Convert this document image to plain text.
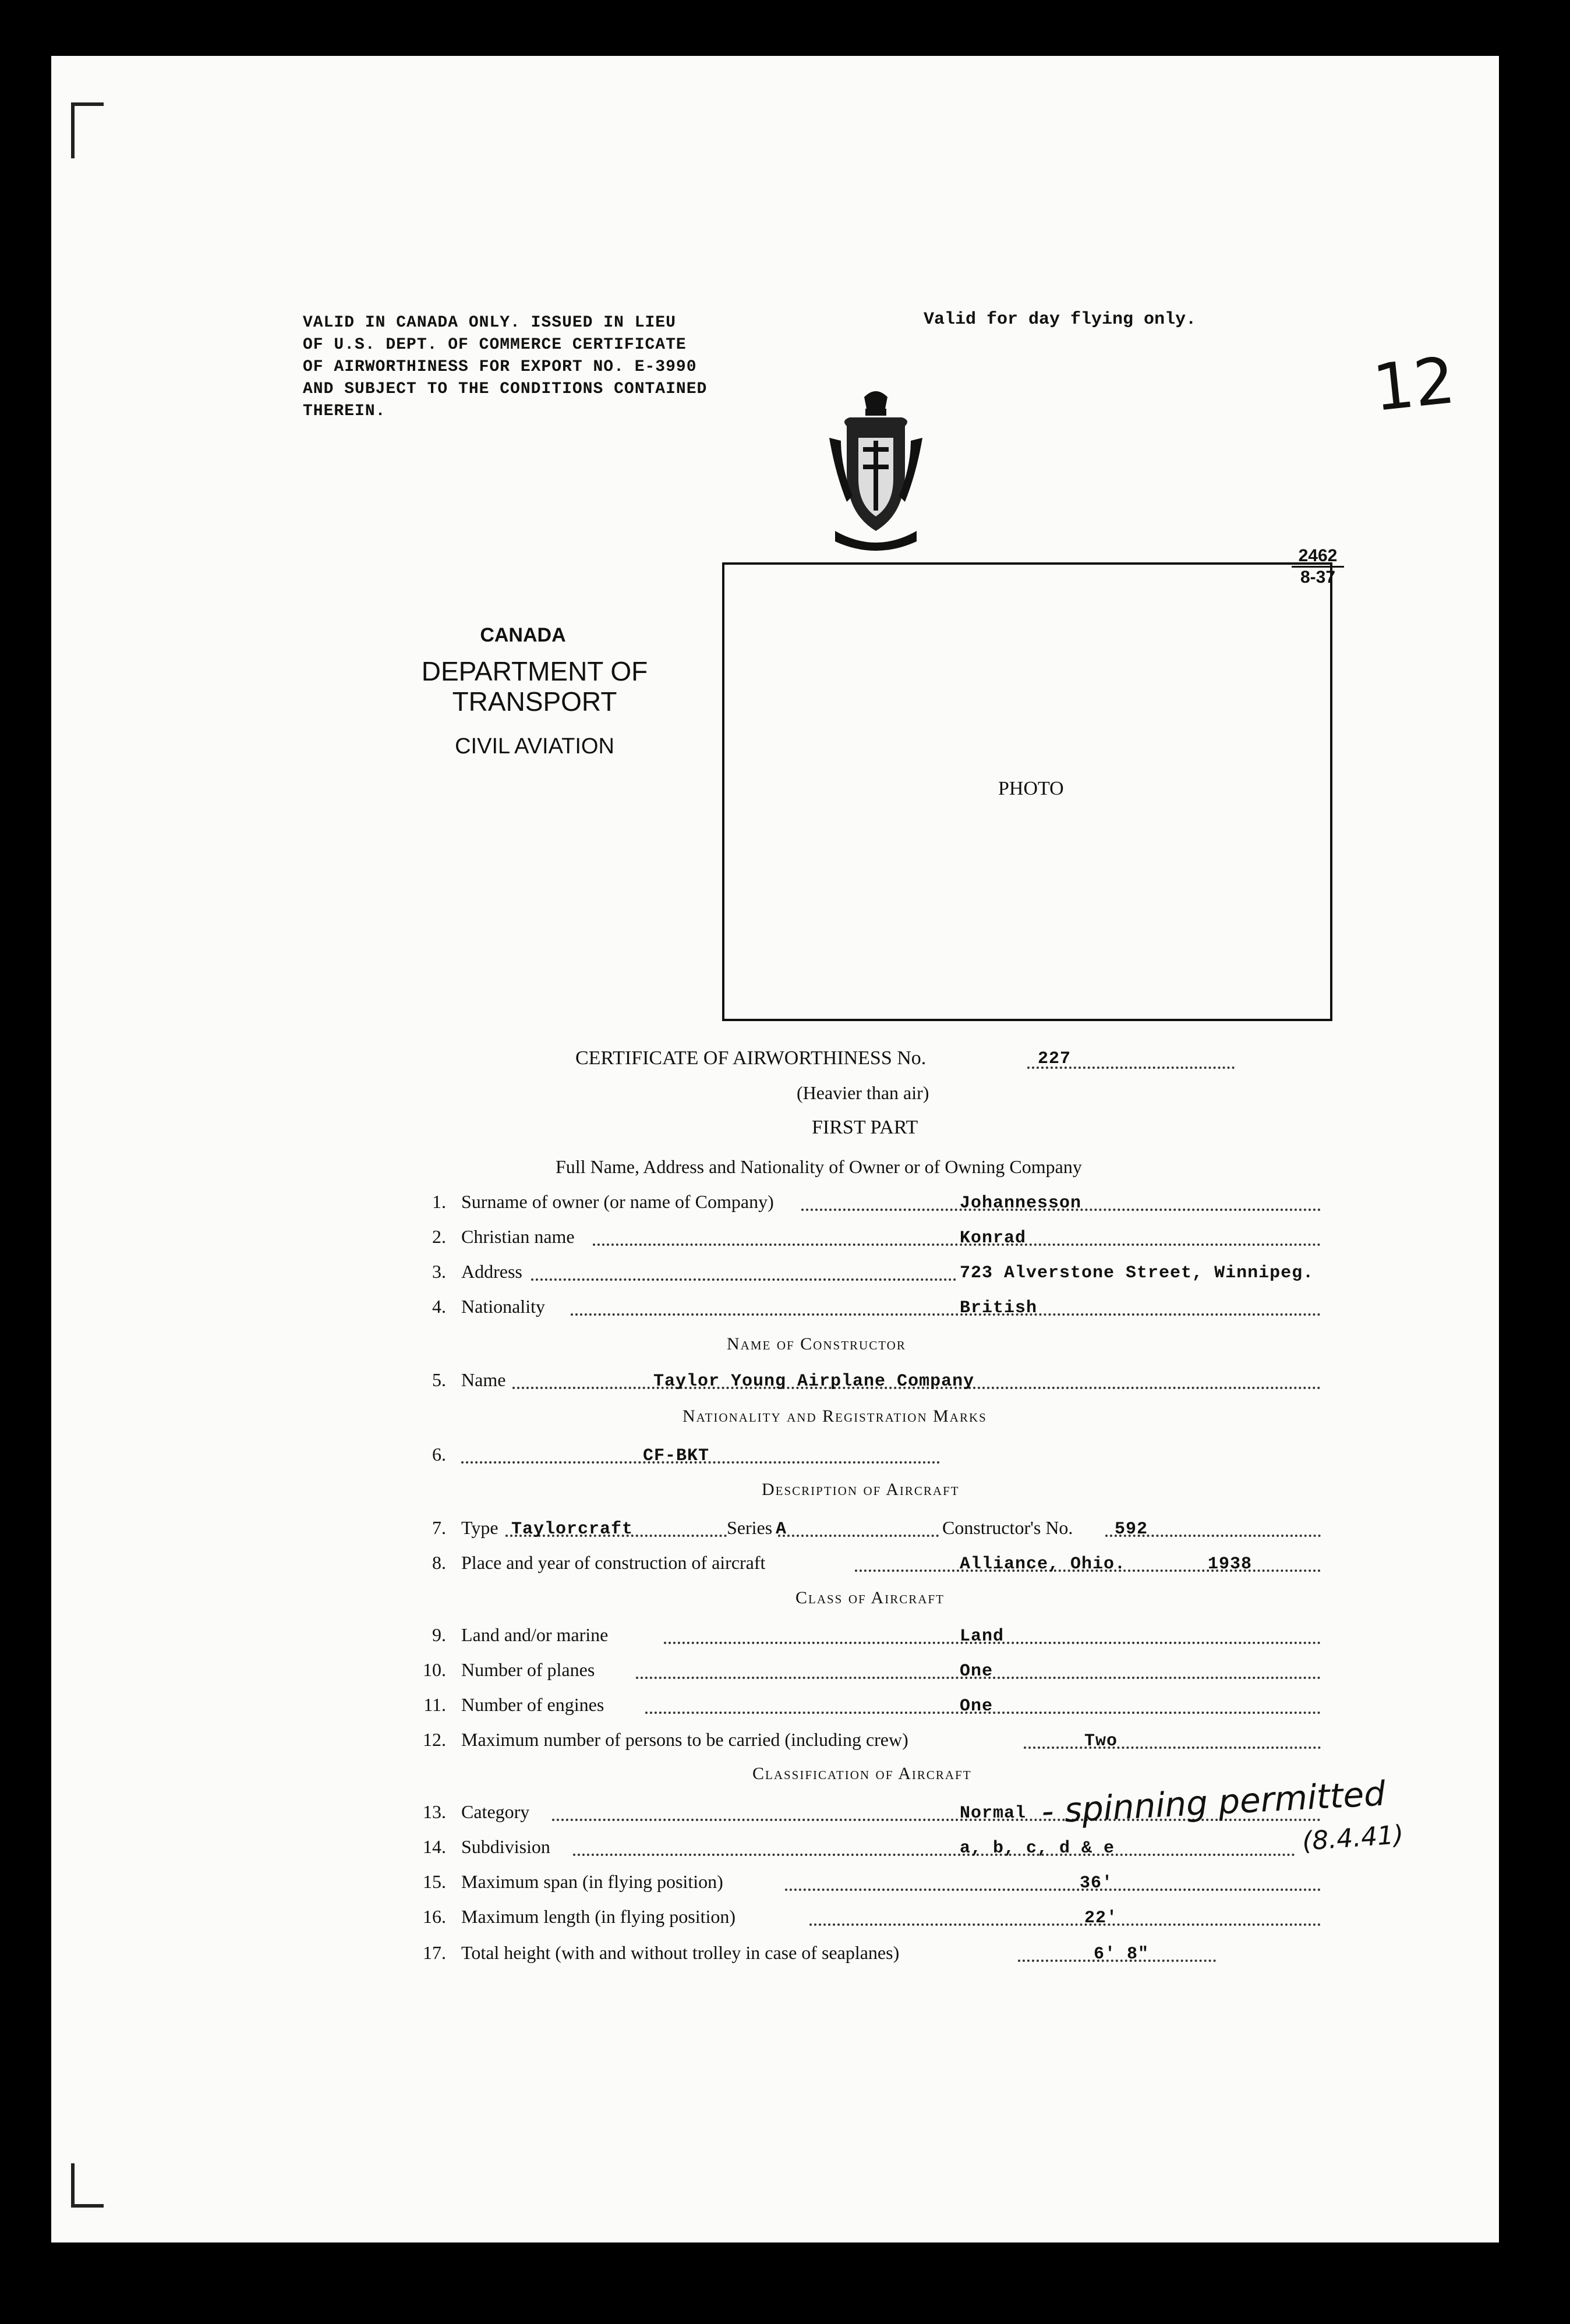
VALID IN CANADA ONLY. ISSUED IN LIEU
OF U.S. DEPT. OF COMMERCE CERTIFICATE
OF AIRWORTHINESS FOR EXPORT NO. E-3990
AND SUBJECT TO THE CONDITIONS CONTAINED
THEREIN.
Valid for day flying only.
12
2462
8-37
CANADA
DEPARTMENT OF
TRANSPORT
CIVIL AVIATION
PHOTO
CERTIFICATE OF AIRWORTHINESS No.	227
(Heavier than air)
FIRST PART
Full Name, Address and Nationality of Owner or of Owning Company
1. Surname of owner (or name of Company)	Johannesson
2. Christian name	Konrad
3. Address	723 Alverstone Street, Winnipeg.
4. Nationality	British
Name of Constructor
5. Name	Taylor Young Airplane Company
Nationality and Registration Marks
6.	CF-BKT
Description of Aircraft
7. Type Taylorcraft	Series A	Constructor's No. 592
8. Place and year of construction of aircraft	Alliance, Ohio.	1938
Class of Aircraft
9. Land and/or marine	Land
10. Number of planes	One
11. Number of engines	One
12. Maximum number of persons to be carried (including crew)	Two
Classification of Aircraft
13. Category	Normal - spinning permitted
(8.4.41)
14. Subdivision	a, b, c, d & e
15. Maximum span (in flying position)	36'
16. Maximum length (in flying position)	22'
17. Total height (with and without trolley in case of seaplanes)	6' 8"
